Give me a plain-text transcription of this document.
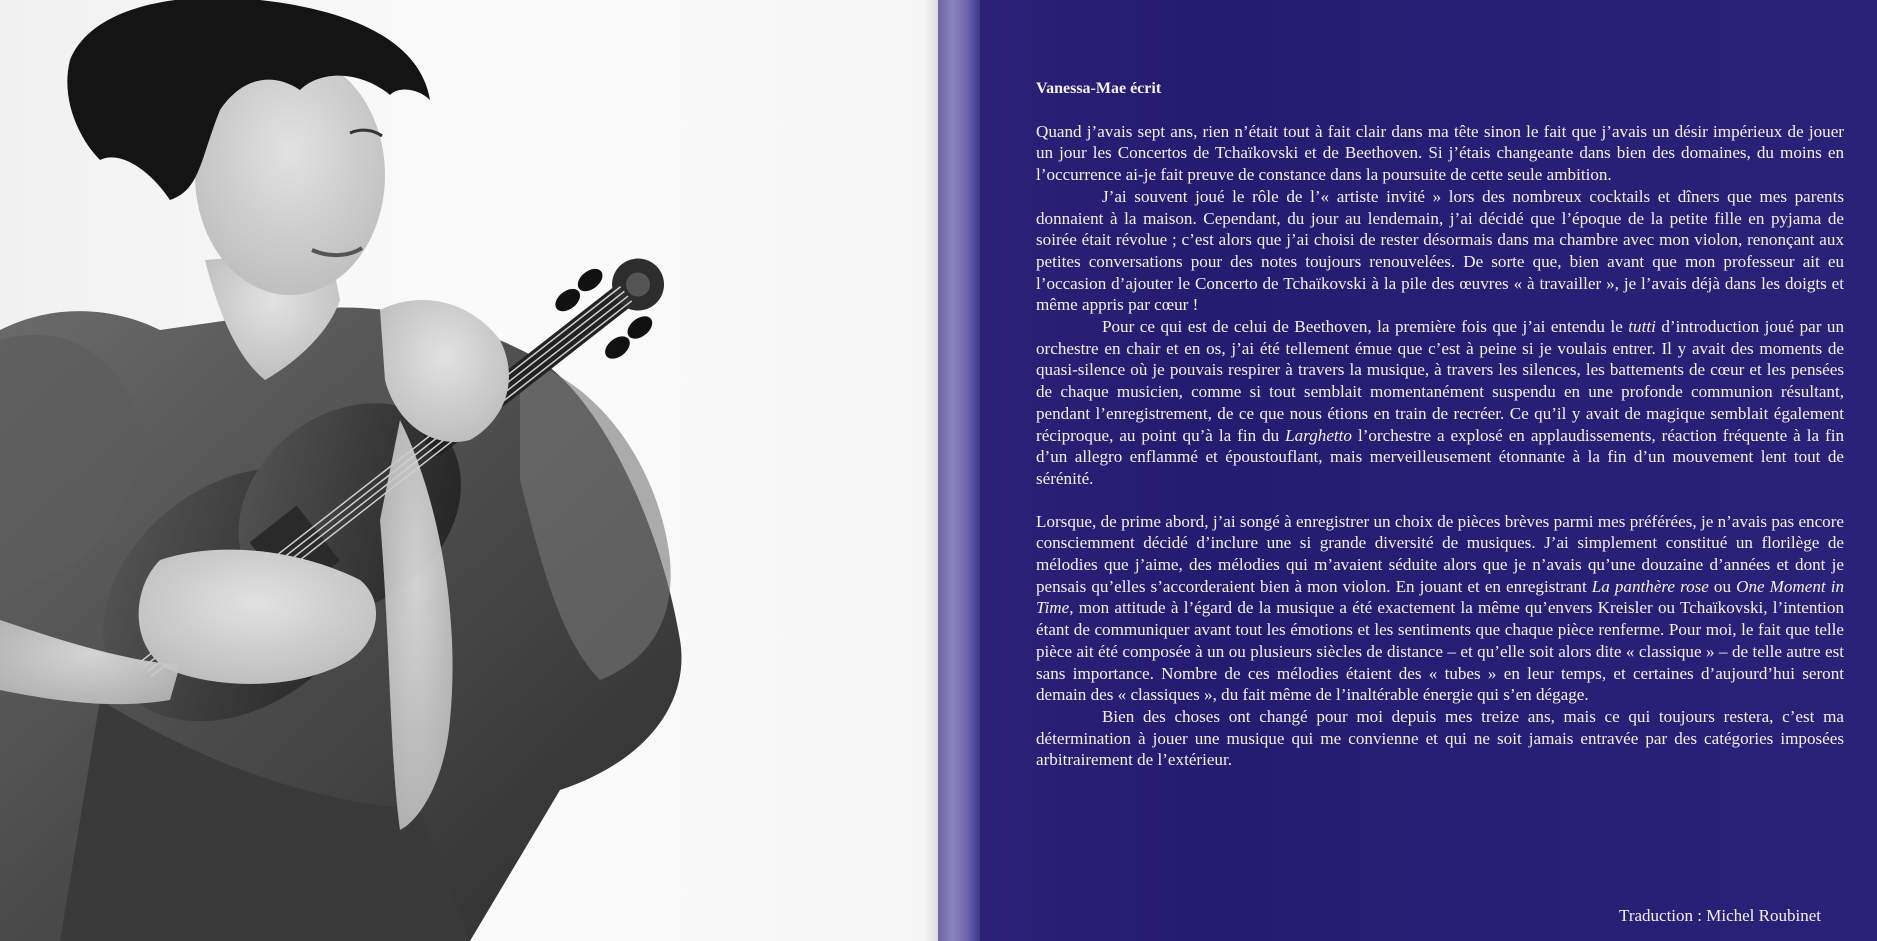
Vanessa-Mae écrit

Quand j’avais sept ans, rien n’était tout à fait clair dans ma tête sinon le fait que j’avais un désir impérieux de jouer un jour les Concertos de Tchaïkovski et de Beethoven. Si j’étais changeante dans bien des domaines, du moins en l’occurrence ai-je fait preuve de constance dans la poursuite de cette seule ambition.

J’ai souvent joué le rôle de l’« artiste invité » lors des nombreux cocktails et dîners que mes parents donnaient à la maison. Cependant, du jour au lendemain, j’ai décidé que l’époque de la petite fille en pyjama de soirée était révolue ; c’est alors que j’ai choisi de rester désormais dans ma chambre avec mon violon, renonçant aux petites conversations pour des notes toujours renouvelées. De sorte que, bien avant que mon professeur ait eu l’occasion d’ajouter le Concerto de Tchaïkovski à la pile des œuvres « à travailler », je l’avais déjà dans les doigts et même appris par cœur !

Pour ce qui est de celui de Beethoven, la première fois que j’ai entendu le tutti d’introduction joué par un orchestre en chair et en os, j’ai été tellement émue que c’est à peine si je voulais entrer. Il y avait des moments de quasi-silence où je pouvais respirer à travers la musique, à travers les silences, les battements de cœur et les pensées de chaque musicien, comme si tout semblait momentanément suspendu en une profonde communion résultant, pendant l’enregistrement, de ce que nous étions en train de recréer. Ce qu’il y avait de magique semblait également réciproque, au point qu’à la fin du Larghetto l’orchestre a explosé en applaudissements, réaction fréquente à la fin d’un allegro enflammé et époustouflant, mais merveilleusement étonnante à la fin d’un mouvement lent tout de sérénité.

Lorsque, de prime abord, j’ai songé à enregistrer un choix de pièces brèves parmi mes préférées, je n’avais pas encore consciemment décidé d’inclure une si grande diversité de musiques. J’ai simplement constitué un florilège de mélodies que j’aime, des mélodies qui m’avaient séduite alors que je n’avais qu’une douzaine d’années et dont je pensais qu’elles s’accorderaient bien à mon violon. En jouant et en enregistrant La panthère rose ou One Moment in Time, mon attitude à l’égard de la musique a été exactement la même qu’envers Kreisler ou Tchaïkovski, l’intention étant de communiquer avant tout les émotions et les sentiments que chaque pièce renferme. Pour moi, le fait que telle pièce ait été composée à un ou plusieurs siècles de distance – et qu’elle soit alors dite « classique » – de telle autre est sans importance. Nombre de ces mélodies étaient des « tubes » en leur temps, et certaines d’aujourd’hui seront demain des « classiques », du fait même de l’inaltérable énergie qui s’en dégage.

Bien des choses ont changé pour moi depuis mes treize ans, mais ce qui toujours restera, c’est ma détermination à jouer une musique qui me convienne et qui ne soit jamais entravée par des catégories imposées arbitrairement de l’extérieur.

Traduction : Michel Roubinet
